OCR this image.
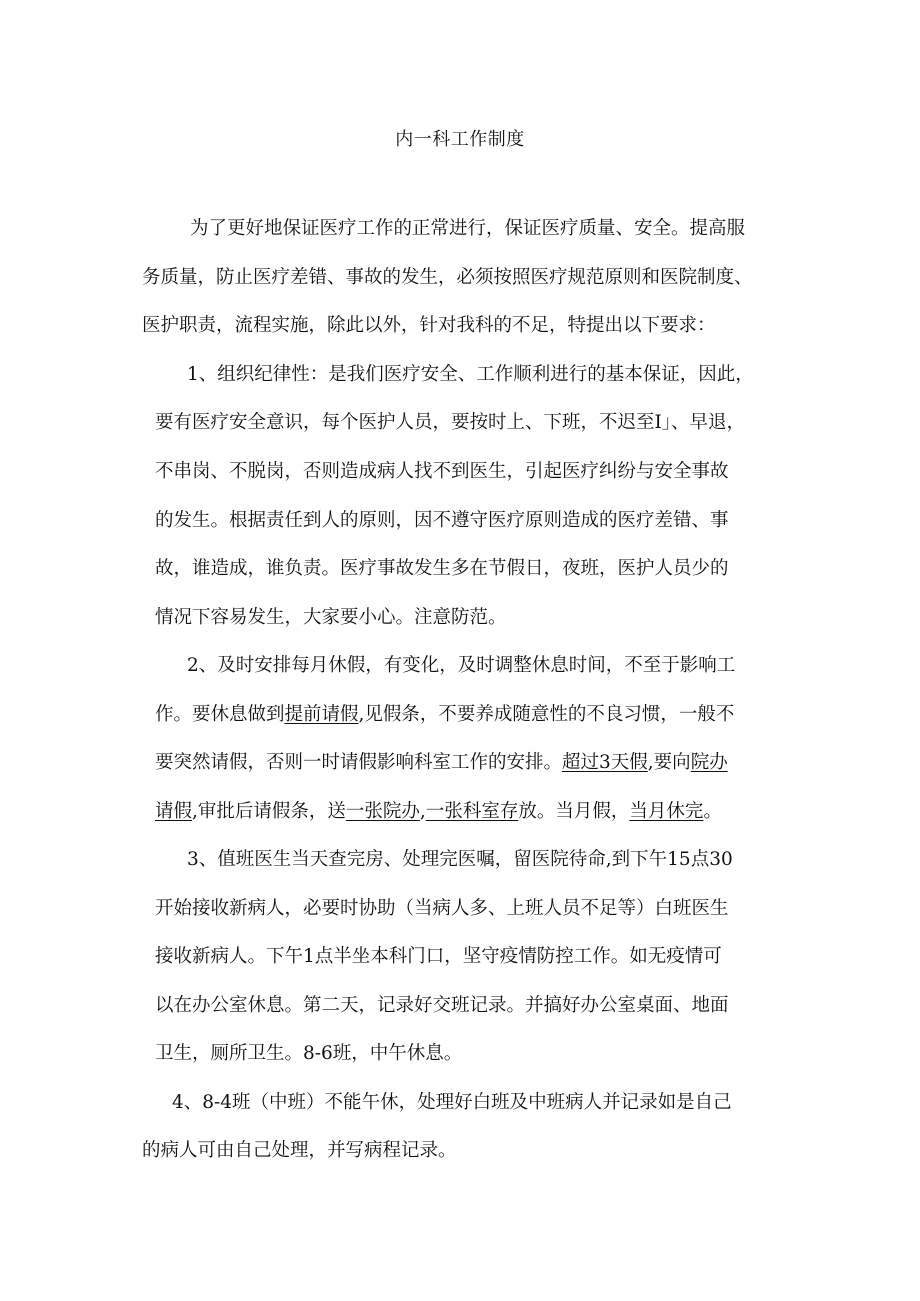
内一科工作制度
为了更好地保证医疗工作的正常进行，保证医疗质量、安全。提高服
务质量，防止医疗差错、事故的发生，必须按照医疗规范原则和医院制度、
医护职责，流程实施，除此以外，针对我科的不足，特提出以下要求：
1、组织纪律性：是我们医疗安全、工作顺利进行的基本保证，因此，
要有医疗安全意识，每个医护人员，要按时上、下班，不迟至I」、早退，
不串岗、不脱岗，否则造成病人找不到医生，引起医疗纠纷与安全事故
的发生。根据责任到人的原则，因不遵守医疗原则造成的医疗差错、事
故，谁造成，谁负责。医疗事故发生多在节假日，夜班，医护人员少的
情况下容易发生，大家要小心。注意防范。
2、及时安排每月休假，有变化，及时调整休息时间，不至于影响工
作。要休息做到提前请假,见假条，不要养成随意性的不良习惯，一般不
要突然请假，否则一时请假影响科室工作的安排。超过3天假,要向院办
请假,审批后请假条，送一张院办,一张科室存放。当月假，当月休完。
3、值班医生当天查完房、处理完医嘱，留医院待命,到下午15点30
开始接收新病人，必要时协助（当病人多、上班人员不足等）白班医生
接收新病人。下午1点半坐本科门口，坚守疫情防控工作。如无疫情可
以在办公室休息。第二天，记录好交班记录。并搞好办公室桌面、地面
卫生，厕所卫生。8-6班，中午休息。
4、8-4班（中班）不能午休，处理好白班及中班病人并记录如是自己
的病人可由自己处理，并写病程记录。
